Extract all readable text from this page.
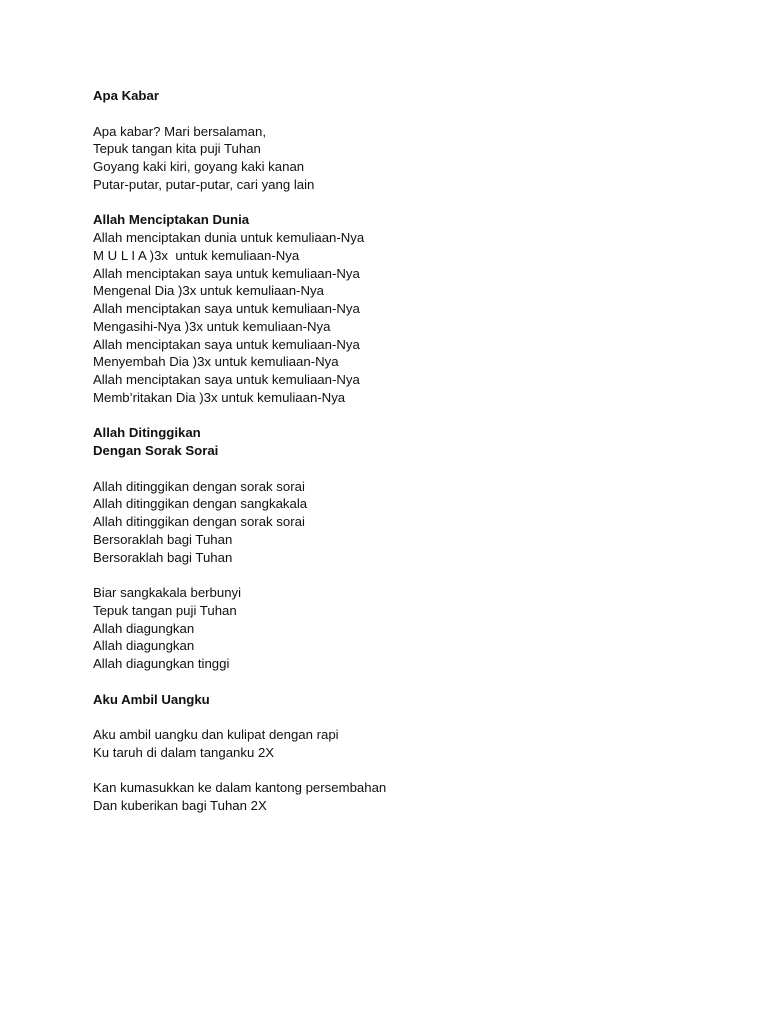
Apa Kabar
Apa kabar? Mari bersalaman,
Tepuk tangan kita puji Tuhan
Goyang kaki kiri, goyang kaki kanan
Putar-putar, putar-putar, cari yang lain
Allah Menciptakan Dunia
Allah menciptakan dunia untuk kemuliaan-Nya
M U L I A )3x  untuk kemuliaan-Nya
Allah menciptakan saya untuk kemuliaan-Nya
Mengenal Dia )3x untuk kemuliaan-Nya
Allah menciptakan saya untuk kemuliaan-Nya
Mengasihi-Nya )3x untuk kemuliaan-Nya
Allah menciptakan saya untuk kemuliaan-Nya
Menyembah Dia )3x untuk kemuliaan-Nya
Allah menciptakan saya untuk kemuliaan-Nya
Memb’ritakan Dia )3x untuk kemuliaan-Nya
Allah Ditinggikan
Dengan Sorak Sorai
Allah ditinggikan dengan sorak sorai
Allah ditinggikan dengan sangkakala
Allah ditinggikan dengan sorak sorai
Bersoraklah bagi Tuhan
Bersoraklah bagi Tuhan
Biar sangkakala berbunyi
Tepuk tangan puji Tuhan
Allah diagungkan
Allah diagungkan
Allah diagungkan tinggi
Aku Ambil Uangku
Aku ambil uangku dan kulipat dengan rapi
Ku taruh di dalam tanganku 2X
Kan kumasukkan ke dalam kantong persembahan
Dan kuberikan bagi Tuhan 2X
